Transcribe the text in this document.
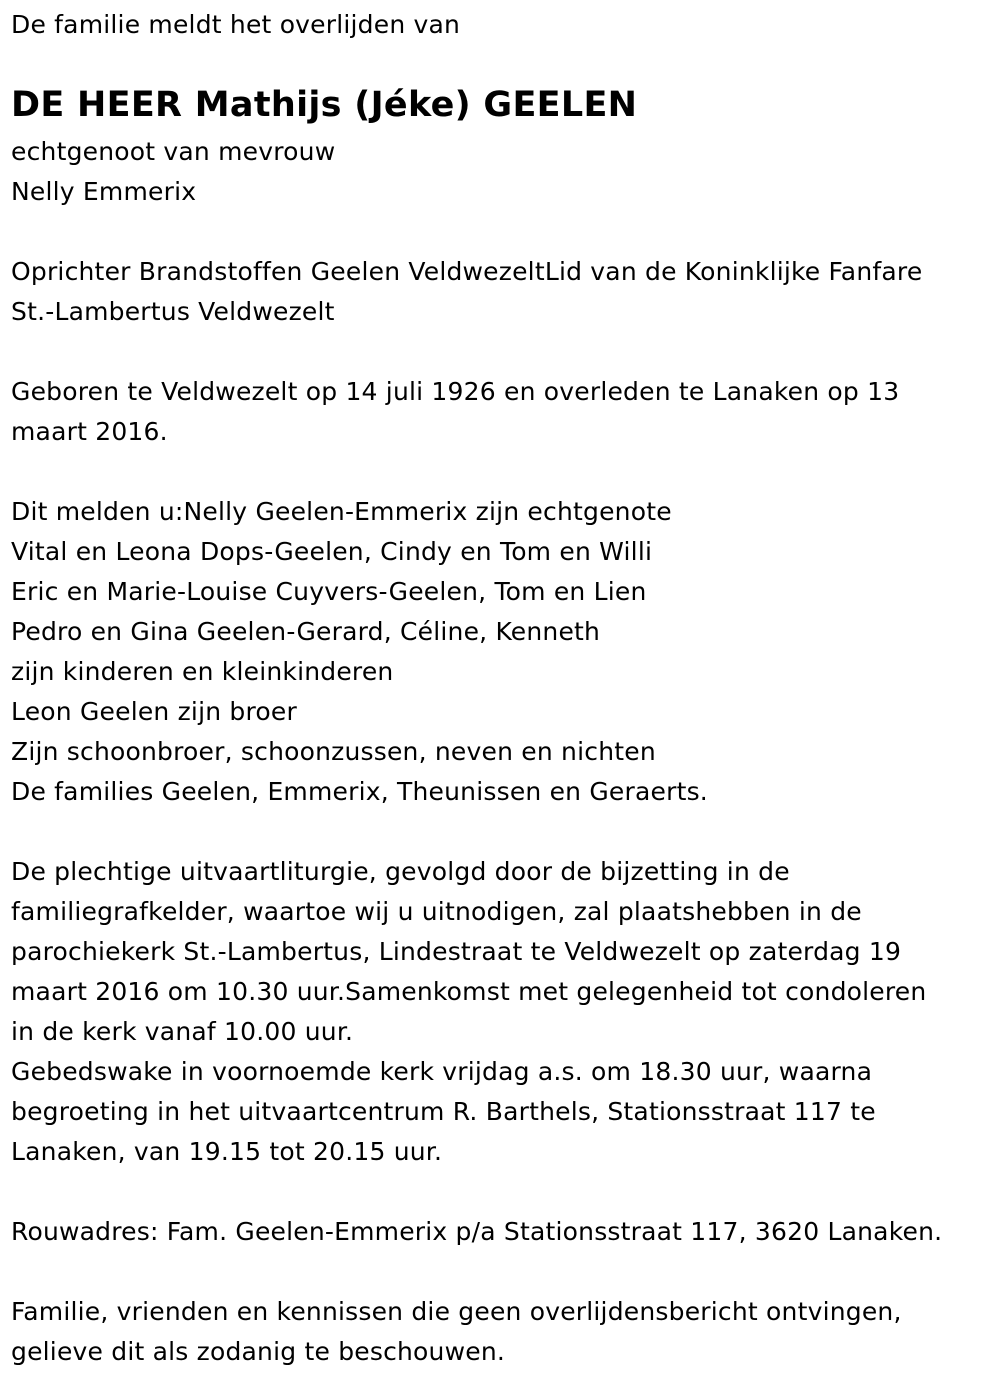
De familie meldt het overlijden van
DE HEER Mathijs (Jéke) GEELEN
echtgenoot van mevrouw
Nelly Emmerix
Oprichter Brandstoffen Geelen VeldwezeltLid van de Koninklijke Fanfare
St.-Lambertus Veldwezelt
Geboren te Veldwezelt op 14 juli 1926 en overleden te Lanaken op 13
maart 2016.
Dit melden u:Nelly Geelen-Emmerix zijn echtgenote
Vital en Leona Dops-Geelen, Cindy en Tom en Willi
Eric en Marie-Louise Cuyvers-Geelen, Tom en Lien
Pedro en Gina Geelen-Gerard, Céline, Kenneth
zijn kinderen en kleinkinderen
Leon Geelen zijn broer
Zijn schoonbroer, schoonzussen, neven en nichten
De families Geelen, Emmerix, Theunissen en Geraerts.
De plechtige uitvaartliturgie, gevolgd door de bijzetting in de
familiegrafkelder, waartoe wij u uitnodigen, zal plaatshebben in de
parochiekerk St.-Lambertus, Lindestraat te Veldwezelt op zaterdag 19
maart 2016 om 10.30 uur.Samenkomst met gelegenheid tot condoleren
in de kerk vanaf 10.00 uur.
Gebedswake in voornoemde kerk vrijdag a.s. om 18.30 uur, waarna
begroeting in het uitvaartcentrum R. Barthels, Stationsstraat 117 te
Lanaken, van 19.15 tot 20.15 uur.
Rouwadres: Fam. Geelen-Emmerix p/a Stationsstraat 117, 3620 Lanaken.
Familie, vrienden en kennissen die geen overlijdensbericht ontvingen,
gelieve dit als zodanig te beschouwen.
